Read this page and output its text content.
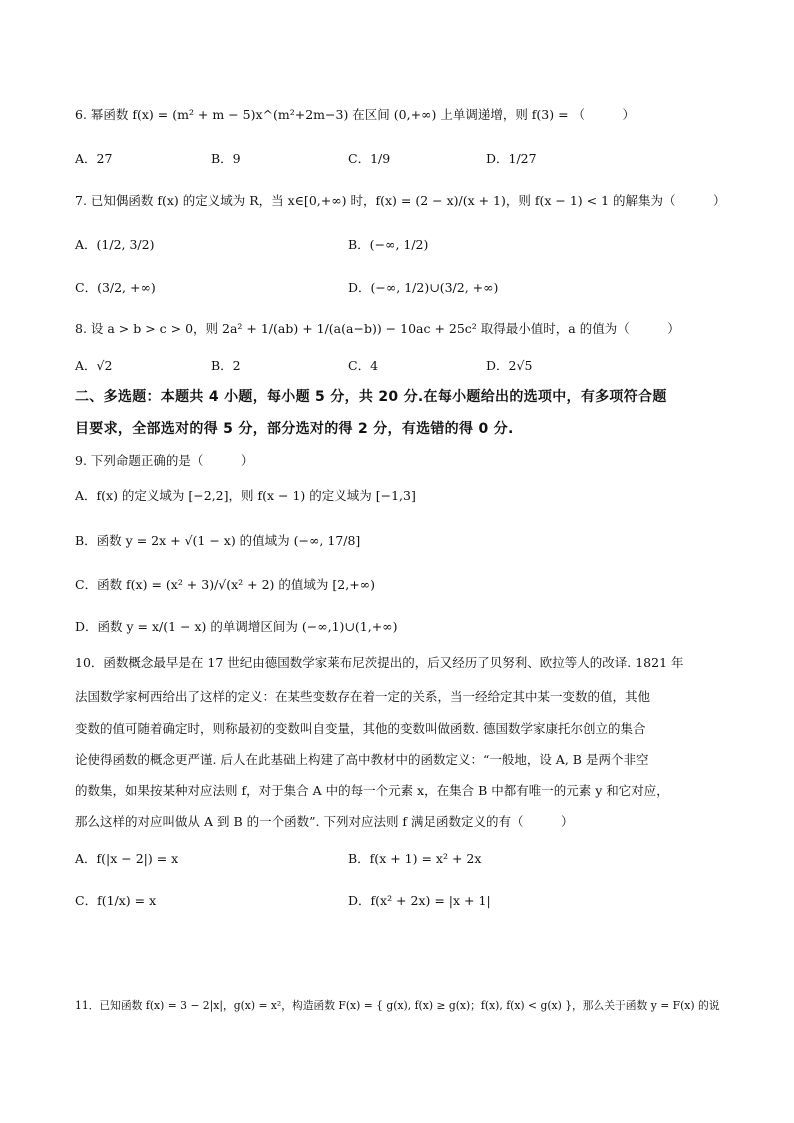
6. 幂函数 f(x) = (m² + m − 5)x^(m²+2m−3) 在区间 (0,+∞) 上单调递增，则 f(3) = （　　　）
A．27	B．9	C．1/9	D．1/27
7. 已知偶函数 f(x) 的定义域为 R，当 x∈[0,+∞) 时，f(x) = (2 − x)/(x + 1)，则 f(x − 1) < 1 的解集为（　　　）
A．(1/2, 3/2)	B．(−∞, 1/2)
C．(3/2, +∞)	D．(−∞, 1/2)∪(3/2, +∞)
8. 设 a > b > c > 0，则 2a² + 1/(ab) + 1/(a(a−b)) − 10ac + 25c² 取得最小值时，a 的值为（　　　）
A．√2	B．2	C．4	D．2√5
二、多选题：本题共 4 小题，每小题 5 分，共 20 分.在每小题给出的选项中，有多项符合题
目要求，全部选对的得 5 分，部分选对的得 2 分，有选错的得 0 分.
9. 下列命题正确的是（　　　）
A．f(x) 的定义域为 [−2,2]，则 f(x − 1) 的定义域为 [−1,3]
B．函数 y = 2x + √(1 − x) 的值域为 (−∞, 17/8]
C．函数 f(x) = (x² + 3)/√(x² + 2) 的值域为 [2,+∞)
D．函数 y = x/(1 − x) 的单调增区间为 (−∞,1)∪(1,+∞)
10．函数概念最早是在 17 世纪由德国数学家莱布尼茨提出的，后又经历了贝努利、欧拉等人的改译. 1821 年
法国数学家柯西给出了这样的定义：在某些变数存在着一定的关系，当一经给定其中某一变数的值，其他
变数的值可随着确定时，则称最初的变数叫自变量，其他的变数叫做函数. 德国数学家康托尔创立的集合
论使得函数的概念更严谨. 后人在此基础上构建了高中教材中的函数定义：“一般地，设 A, B 是两个非空
的数集，如果按某种对应法则 f，对于集合 A 中的每一个元素 x，在集合 B 中都有唯一的元素 y 和它对应，
那么这样的对应叫做从 A 到 B 的一个函数”. 下列对应法则 f 满足函数定义的有（　　　）
A．f(|x − 2|) = x	B．f(x + 1) = x² + 2x
C．f(1/x) = x	D．f(x² + 2x) = |x + 1|
11．已知函数 f(x) = 3 − 2|x|，g(x) = x²，构造函数 F(x) = { g(x), f(x) ≥ g(x)；f(x), f(x) < g(x) }，那么关于函数 y = F(x) 的说
